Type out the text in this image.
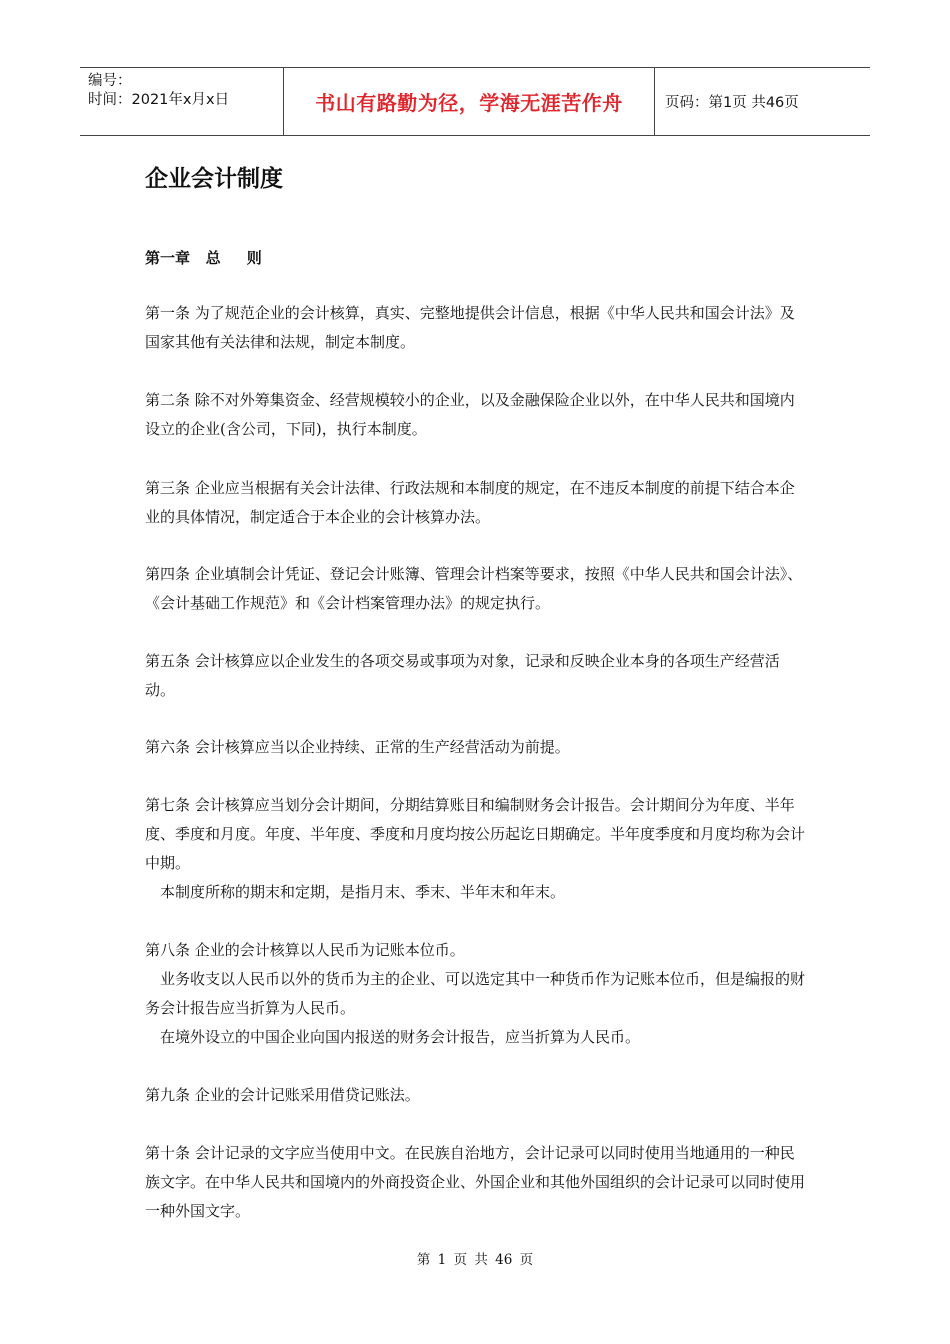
编号：
时间：2021年x月x日	书山有路勤为径，学海无涯苦作舟	页码：第1页 共46页
企业会计制度
第一章   总     则

第一条 为了规范企业的会计核算，真实、完整地提供会计信息，根据《中华人民共和国会计法》及国家其他有关法律和法规，制定本制度。

第二条 除不对外筹集资金、经营规模较小的企业，以及金融保险企业以外，在中华人民共和国境内设立的企业(含公司，下同)，执行本制度。

第三条 企业应当根据有关会计法律、行政法规和本制度的规定，在不违反本制度的前提下结合本企业的具体情况，制定适合于本企业的会计核算办法。

第四条 企业填制会计凭证、登记会计账簿、管理会计档案等要求，按照《中华人民共和国会计法》、《会计基础工作规范》和《会计档案管理办法》的规定执行。

第五条 会计核算应以企业发生的各项交易或事项为对象，记录和反映企业本身的各项生产经营活动。

第六条 会计核算应当以企业持续、正常的生产经营活动为前提。

第七条 会计核算应当划分会计期间，分期结算账目和编制财务会计报告。会计期间分为年度、半年度、季度和月度。年度、半年度、季度和月度均按公历起讫日期确定。半年度季度和月度均称为会计中期。

本制度所称的期末和定期，是指月末、季末、半年末和年末。

第八条 企业的会计核算以人民币为记账本位币。

业务收支以人民币以外的货币为主的企业、可以选定其中一种货币作为记账本位币，但是编报的财务会计报告应当折算为人民币。

在境外设立的中国企业向国内报送的财务会计报告，应当折算为人民币。

第九条 企业的会计记账采用借贷记账法。

第十条 会计记录的文字应当使用中文。在民族自治地方，会计记录可以同时使用当地通用的一种民族文字。在中华人民共和国境内的外商投资企业、外国企业和其他外国组织的会计记录可以同时使用一种外国文字。

第 1 页 共 46 页
